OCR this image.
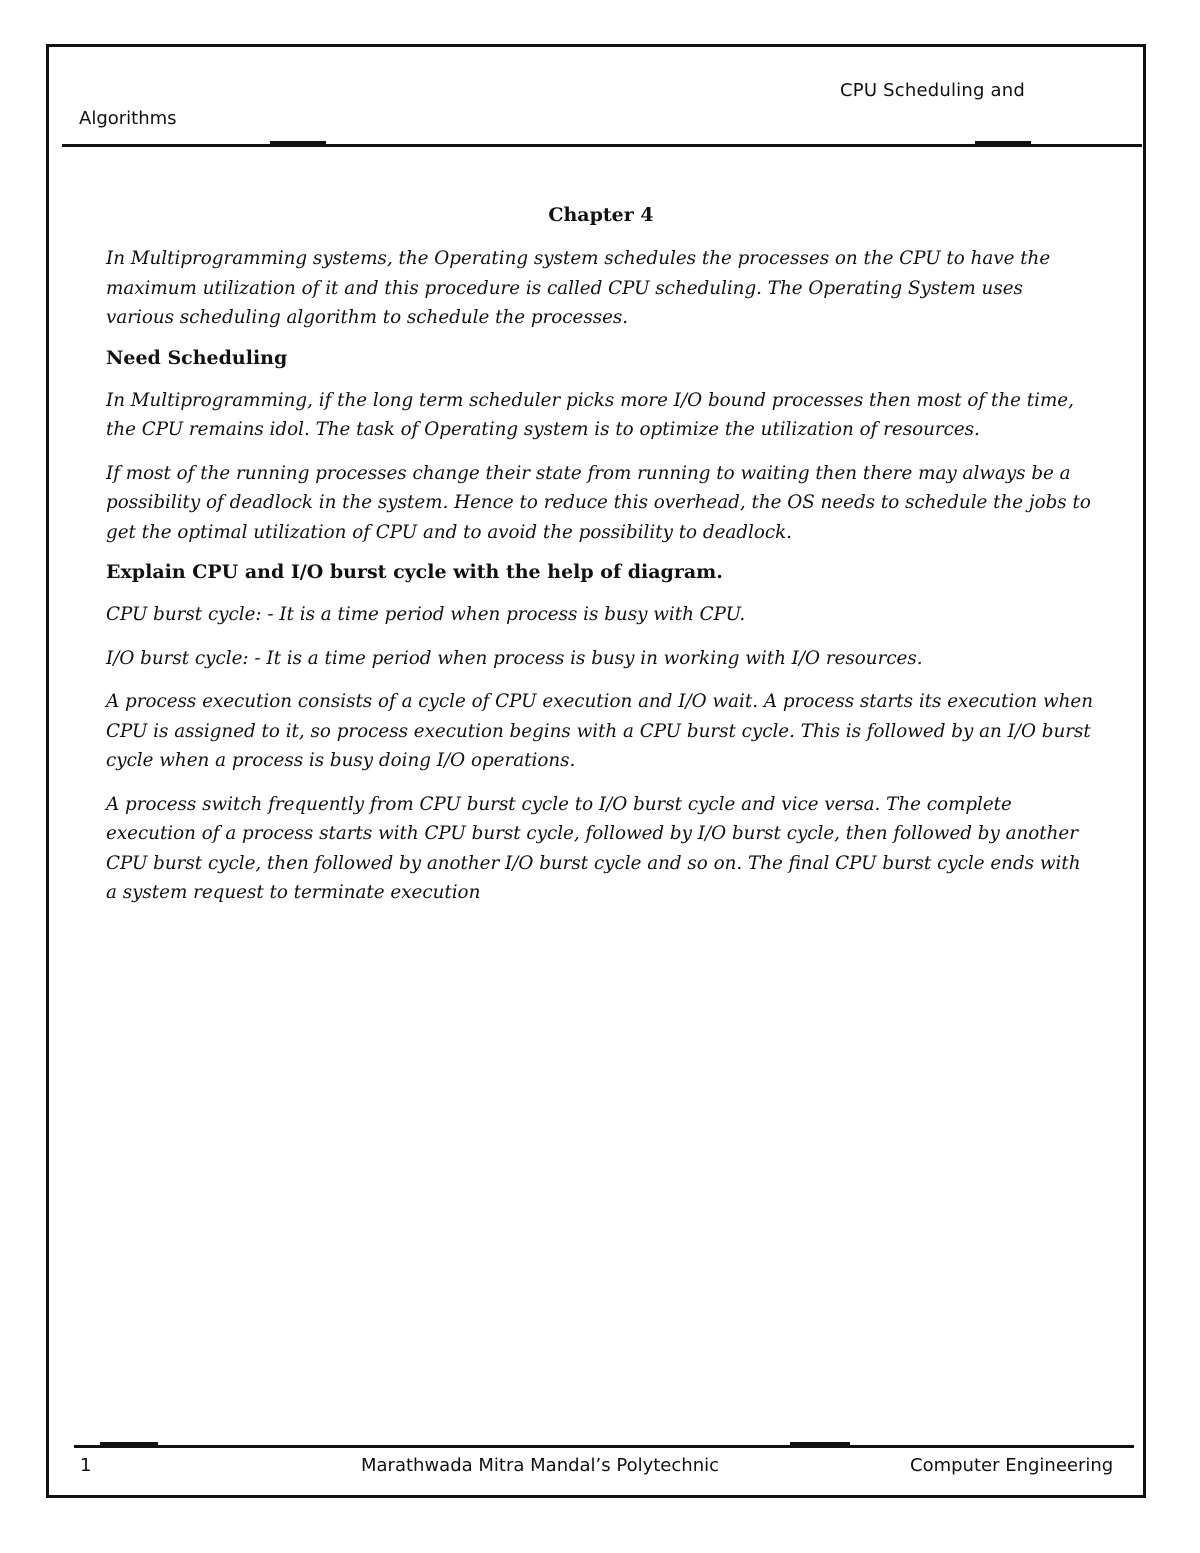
CPU Scheduling and
Algorithms
Chapter 4

In Multiprogramming systems, the Operating system schedules the processes on the CPU to have the maximum utilization of it and this procedure is called CPU scheduling. The Operating System uses various scheduling algorithm to schedule the processes.

Need Scheduling

In Multiprogramming, if the long term scheduler picks more I/O bound processes then most of the time, the CPU remains idol. The task of Operating system is to optimize the utilization of resources.

If most of the running processes change their state from running to waiting then there may always be a possibility of deadlock in the system. Hence to reduce this overhead, the OS needs to schedule the jobs to get the optimal utilization of CPU and to avoid the possibility to deadlock.

Explain CPU and I/O burst cycle with the help of diagram.

CPU burst cycle: - It is a time period when process is busy with CPU.

I/O burst cycle: - It is a time period when process is busy in working with I/O resources.

A process execution consists of a cycle of CPU execution and I/O wait. A process starts its execution when CPU is assigned to it, so process execution begins with a CPU burst cycle. This is followed by an I/O burst cycle when a process is busy doing I/O operations.

A process switch frequently from CPU burst cycle to I/O burst cycle and vice versa. The complete execution of a process starts with CPU burst cycle, followed by I/O burst cycle, then followed by another CPU burst cycle, then followed by another I/O burst cycle and so on. The final CPU burst cycle ends with a system request to terminate execution

1	Marathwada Mitra Mandal’s Polytechnic	Computer Engineering
